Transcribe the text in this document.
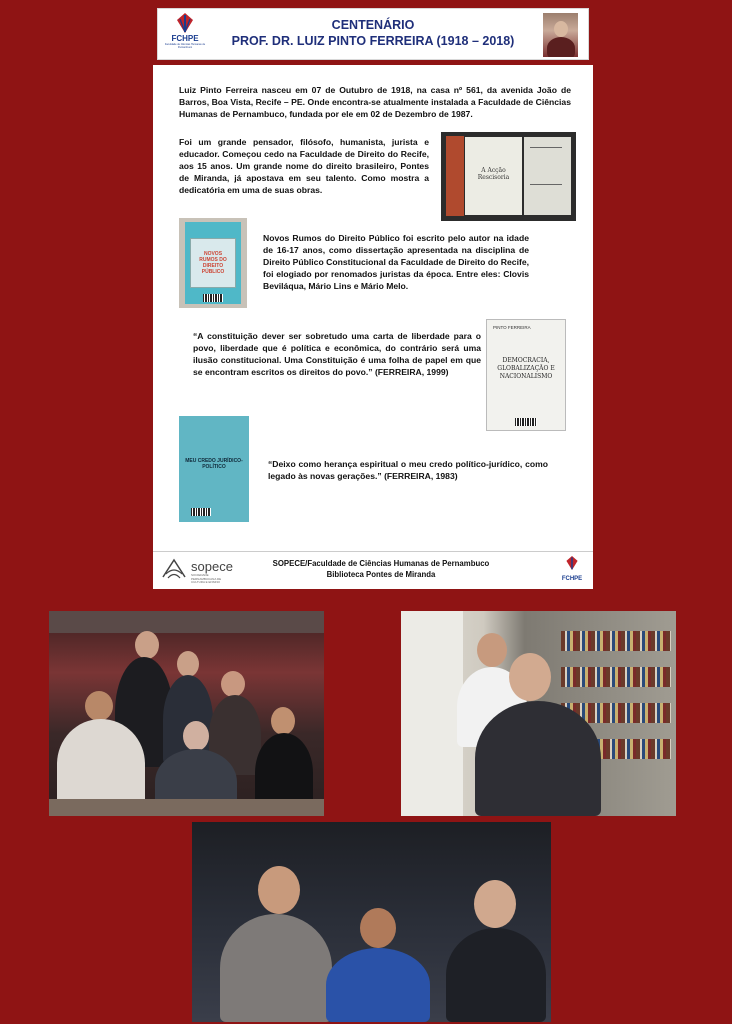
FCHPE
Faculdade de Ciências Humanas de Pernambuco
CENTENÁRIO
PROF. DR. LUIZ PINTO FERREIRA (1918 – 2018)
Luiz Pinto Ferreira nasceu em 07 de Outubro de 1918, na casa nº 561, da avenida João de Barros, Boa Vista, Recife – PE. Onde encontra-se atualmente instalada a Faculdade de Ciências Humanas de Pernambuco, fundada por ele em 02 de Dezembro de 1987.
Foi um grande pensador, filósofo, humanista, jurista e educador. Começou cedo na Faculdade de Direito do Recife, aos 15 anos. Um grande nome do direito brasileiro, Pontes de Miranda, já apostava em seu talento. Como mostra a dedicatória em uma de suas obras.
A Acção Rescisoria
NOVOS RUMOS DO DIREITO PÚBLICO
Novos Rumos do Direito Público foi escrito pelo autor na idade de 16-17 anos, como dissertação apresentada na disciplina de Direito Público Constitucional da Faculdade de Direito do Recife, foi elogiado por renomados juristas da época. Entre eles: Clovis Beviláqua, Mário Lins e Mário Melo.
“A constituição dever ser sobretudo uma carta de liberdade para o povo, liberdade que é política e econômica, do contrário será uma ilusão constitucional. Uma Constituição é uma folha de papel em que se encontram escritos os direitos do povo.” (FERREIRA, 1999)
PINTO FERREIRA
DEMOCRACIA, GLOBALIZAÇÃO E NACIONALISMO
MEU CREDO JURÍDICO-POLÍTICO	“Deixo como herança espiritual o meu credo político-jurídico, como legado às novas gerações.” (FERREIRA, 1983)
sopece
SOCIEDADE PERNAMBUCANA DE CULTURA E ENSINO
SOPECE/Faculdade de Ciências Humanas de Pernambuco
Biblioteca Pontes de Miranda	FCHPE
